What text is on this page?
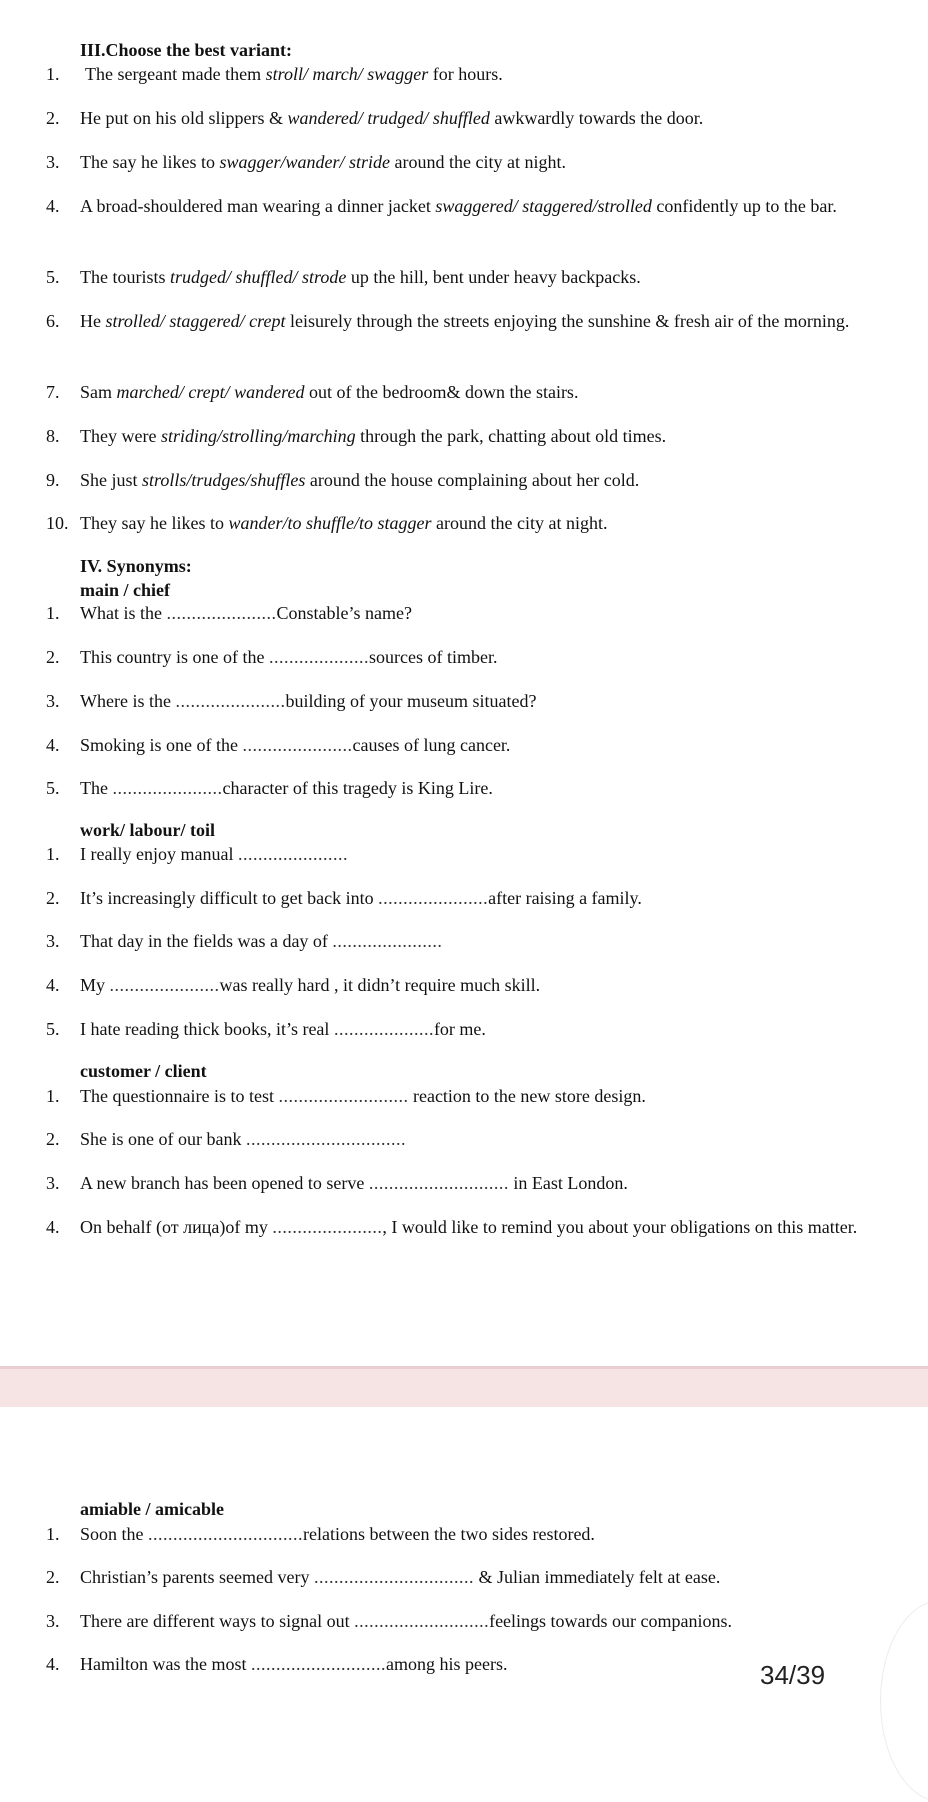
III.Choose the best variant:
1.	The sergeant made them stroll/ march/ swagger for hours.
2.	He put on his old slippers & wandered/ trudged/ shuffled awkwardly towards the door.
3.	The say he likes to swagger/wander/ stride around the city at night.
4.	A broad-shouldered man wearing a dinner jacket swaggered/ staggered/strolled confidently up to the bar.
5.	The tourists trudged/ shuffled/ strode up the hill, bent under heavy backpacks.
6.	He strolled/ staggered/ crept leisurely through the streets enjoying the sunshine & fresh air of the morning.
7.	Sam marched/ crept/ wandered out of the bedroom& down the stairs.
8.	They were striding/strolling/marching through the park, chatting about old times.
9.	She just strolls/trudges/shuffles around the house complaining about her cold.
10. They say he likes to wander/to shuffle/to stagger around the city at night.
IV. Synonyms:
main / chief
1.	What is the ......................Constable’s name?
2.	This country is one of the ....................sources of timber.
3.	Where is the ......................building of your museum situated?
4.	Smoking is one of the ......................causes of lung cancer.
5.	The ......................character of this tragedy is King Lire.
work/ labour/ toil
1.	I really enjoy manual ......................
2.	It’s increasingly difficult to get back into ......................after raising a family.
3.	That day in the fields was a day of ......................
4.	My ......................was really hard , it didn’t require much skill.
5.	I hate reading thick books, it’s real ....................for me.
customer / client
1.	The questionnaire is to test .......................... reaction to the new store design.
2.	She is one of our bank ................................
3.	A new branch has been opened to serve ............................ in East London.
4.	On behalf (от лица)of my ......................, I would like to remind you about your obligations on this matter.
amiable / amicable
1.	Soon the ...............................relations between the two sides restored.
2.	Christian’s parents seemed very ................................ & Julian immediately felt at ease.
3.	There are different ways to signal out ...........................feelings towards our companions.
4.	Hamilton was the most ...........................among his peers.	34/39
